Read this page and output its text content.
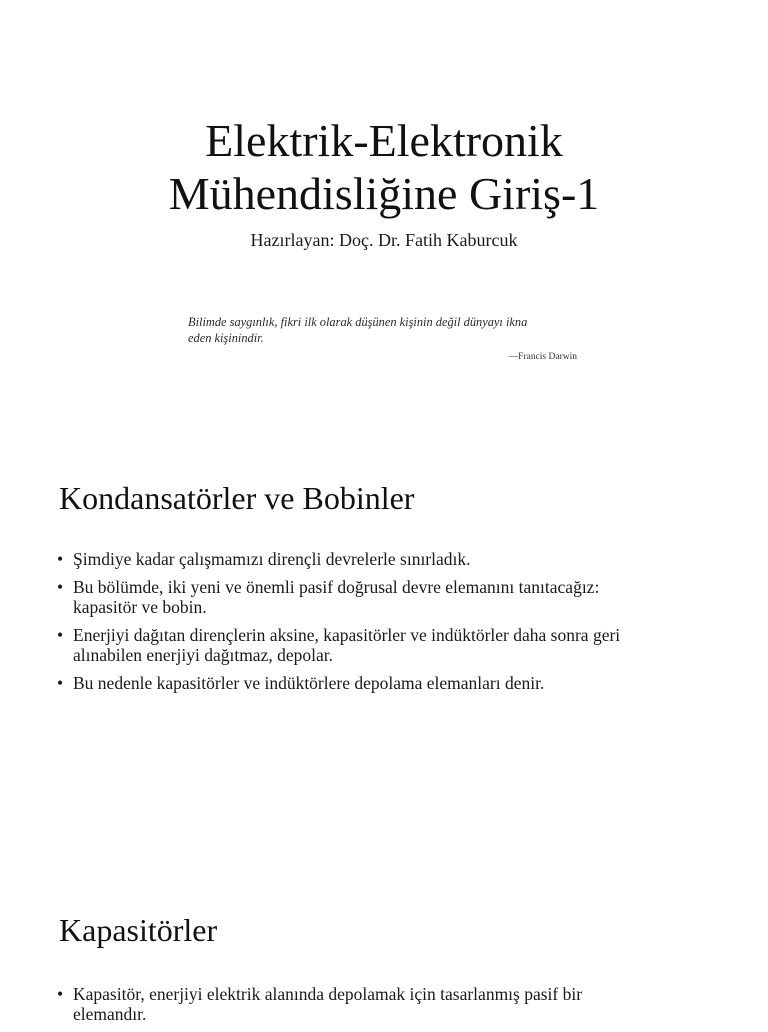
Elektrik-Elektronik
Mühendisliğine Giriş-1
Hazırlayan: Doç. Dr. Fatih Kaburcuk

Bilimde saygınlık, fikri ilk olarak düşünen kişinin değil dünyayı ikna
eden kişinindir.

—Francis Darwin
Kondansatörler ve Bobinler
• Şimdiye kadar çalışmamızı dirençli devrelerle sınırladık.
• Bu bölümde, iki yeni ve önemli pasif doğrusal devre elemanını tanıtacağız:
kapasitör ve bobin.
• Enerjiyi dağıtan dirençlerin aksine, kapasitörler ve indüktörler daha sonra geri
alınabilen enerjiyi dağıtmaz, depolar.
• Bu nedenle kapasitörler ve indüktörlere depolama elemanları denir.
Kapasitörler
• Kapasitör, enerjiyi elektrik alanında depolamak için tasarlanmış pasif bir
elemandır.
